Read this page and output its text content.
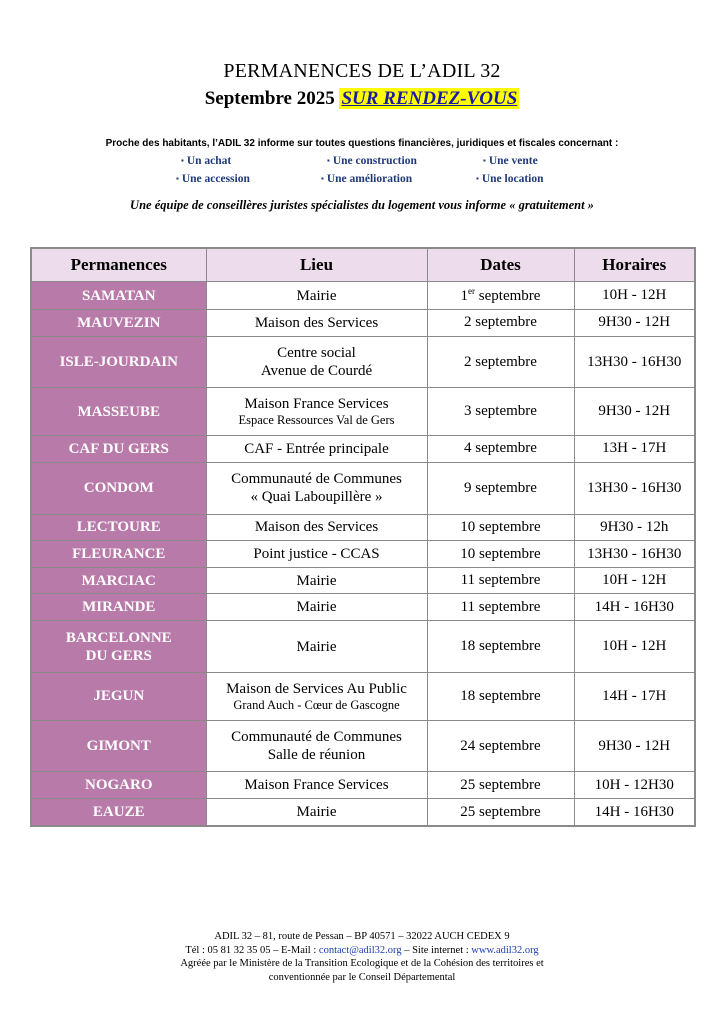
PERMANENCES DE L’ADIL 32
Septembre 2025 SUR RENDEZ-VOUS
Proche des habitants, l’ADIL 32 informe sur toutes questions financières, juridiques et fiscales concernant :
▪ Un achat	▪ Une construction	▪ Une vente
▪ Une accession	▪ Une amélioration	▪ Une location
Une équipe de conseillères juristes spécialistes du logement vous informe « gratuitement »
Permanences	Lieu	Dates	Horaires
SAMATAN	Mairie	1er septembre	10H - 12H
MAUVEZIN	Maison des Services	2 septembre	9H30 - 12H
ISLE-JOURDAIN	Centre social
Avenue de Courdé	2 septembre	13H30 - 16H30
MASSEUBE	Maison France Services
Espace Ressources Val de Gers	3 septembre	9H30 - 12H
CAF DU GERS	CAF - Entrée principale	4 septembre	13H - 17H
CONDOM	Communauté de Communes
« Quai Laboupillère »	9 septembre	13H30 - 16H30
LECTOURE	Maison des Services	10 septembre	9H30 - 12h
FLEURANCE	Point justice - CCAS	10 septembre	13H30 - 16H30
MARCIAC	Mairie	11 septembre	10H - 12H
MIRANDE	Mairie	11 septembre	14H - 16H30

BARCELONNE
DU GERS	Mairie	18 septembre	10H - 12H
JEGUN	Maison de Services Au Public
Grand Auch - Cœur de Gascogne	18 septembre	14H - 17H
GIMONT	Communauté de Communes
Salle de réunion	24 septembre	9H30 - 12H
NOGARO	Maison France Services	25 septembre	10H - 12H30
EAUZE	Mairie	25 septembre	14H - 16H30
ADIL 32 – 81, route de Pessan – BP 40571 – 32022 AUCH CEDEX 9
Tél : 05 81 32 35 05 – E-Mail : contact@adil32.org – Site internet : www.adil32.org
Agréée par le Ministère de la Transition Ecologique et de la Cohésion des territoires et
conventionnée par le Conseil Départemental
